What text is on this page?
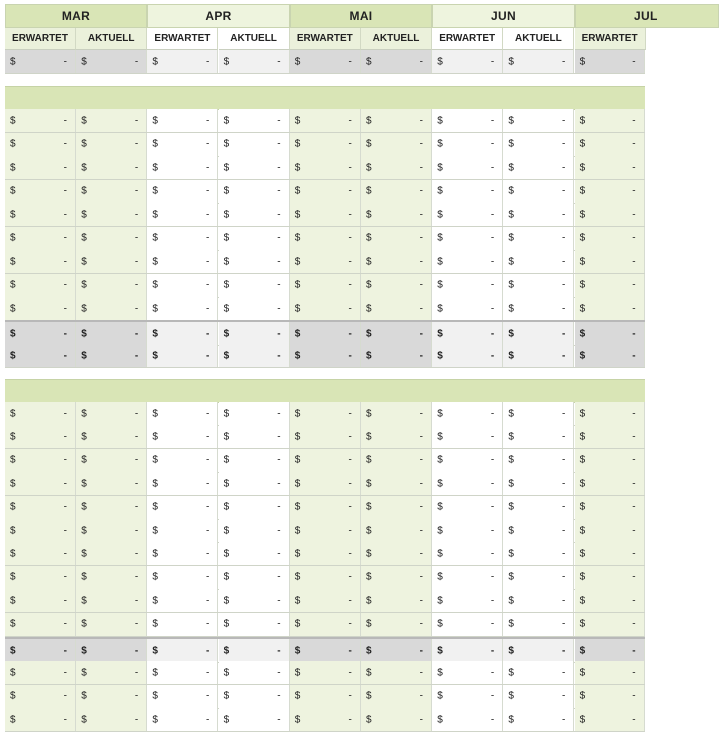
MAR	APR	MAI	JUN	JUL
ERWARTET	AKTUELL	ERWARTET	AKTUELL	ERWARTET	AKTUELL	ERWARTET	AKTUELL	ERWARTET
$	- $	- $	- $	- $	- $	- $	- $	- $	-
$	- $	- $	- $	- $	- $	- $	- $	- $	-
$	- $	- $	- $	- $	- $	- $	- $	- $	-
$	- $	- $	- $	- $	- $	- $	- $	- $	-
$	- $	- $	- $	- $	- $	- $	- $	- $	-
$	- $	- $	- $	- $	- $	- $	- $	- $	-
$	- $	- $	- $	- $	- $	- $	- $	- $	-
$	- $	- $	- $	- $	- $	- $	- $	- $	-
$	- $	- $	- $	- $	- $	- $	- $	- $	-
$	- $	- $	- $	- $	- $	- $	- $	- $	-
$	- $	- $	- $	- $	- $	- $	- $	- $	-
$	- $	- $	- $	- $	- $	- $	- $	- $	-
$	- $	- $	- $	- $	- $	- $	- $	- $	-
$	- $	- $	- $	- $	- $	- $	- $	- $	-
$	- $	- $	- $	- $	- $	- $	- $	- $	-
$	- $	- $	- $	- $	- $	- $	- $	- $	-
$	- $	- $	- $	- $	- $	- $	- $	- $	-
$	- $	- $	- $	- $	- $	- $	- $	- $	-
$	- $	- $	- $	- $	- $	- $	- $	- $	-
$	- $	- $	- $	- $	- $	- $	- $	- $	-
$	- $	- $	- $	- $	- $	- $	- $	- $	-
$	- $	- $	- $	- $	- $	- $	- $	- $	-
$	- $	- $	- $	- $	- $	- $	- $	- $	-
$	- $	- $	- $	- $	- $	- $	- $	- $	-
$	- $	- $	- $	- $	- $	- $	- $	- $	-
$	- $	- $	- $	- $	- $	- $	- $	- $	-
